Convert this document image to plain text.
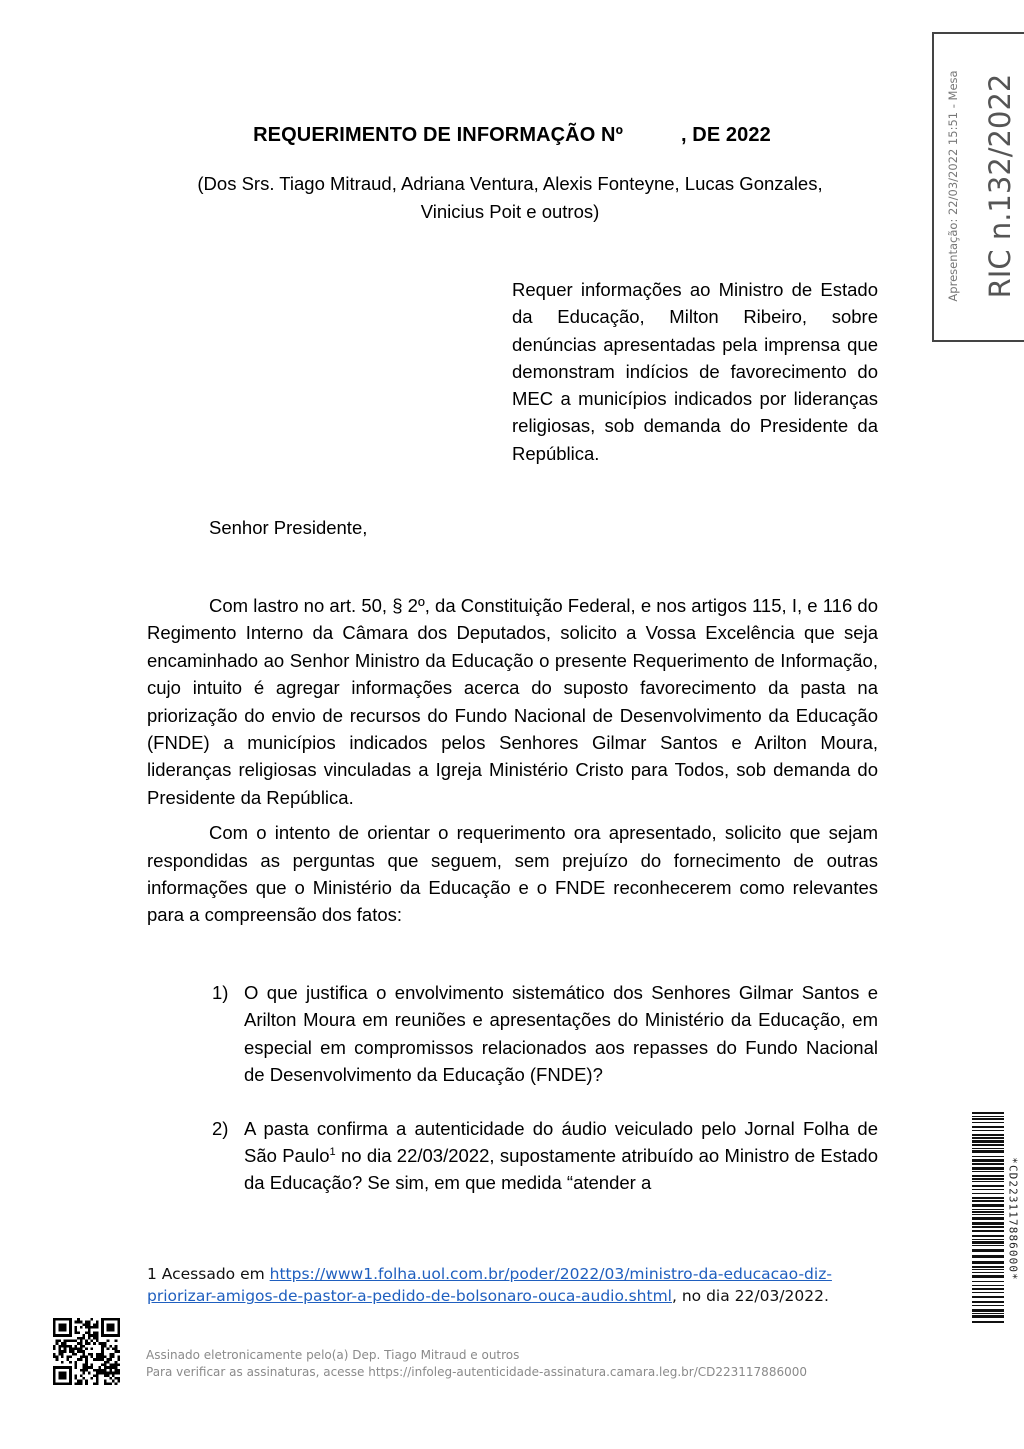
REQUERIMENTO DE INFORMAÇÃO Nº	, DE 2022
(Dos Srs. Tiago Mitraud, Adriana Ventura, Alexis Fonteyne, Lucas Gonzales,
Vinicius Poit e outros)
Requer informações ao Ministro de Estado da Educação, Milton Ribeiro, sobre denúncias apresentadas pela imprensa que demonstram indícios de favorecimento do MEC a municípios indicados por lideranças religiosas, sob demanda do Presidente da República.
Senhor Presidente,

Com lastro no art. 50, § 2º, da Constituição Federal, e nos artigos 115, I, e 116 do Regimento Interno da Câmara dos Deputados, solicito a Vossa Excelência que seja encaminhado ao Senhor Ministro da Educação o presente Requerimento de Informação, cujo intuito é agregar informações acerca do suposto favorecimento da pasta na priorização do envio de recursos do Fundo Nacional de Desenvolvimento da Educação (FNDE) a municípios indicados pelos Senhores Gilmar Santos e Arilton Moura, lideranças religiosas vinculadas a Igreja Ministério Cristo para Todos, sob demanda do Presidente da República.

Com o intento de orientar o requerimento ora apresentado, solicito que sejam respondidas as perguntas que seguem, sem prejuízo do fornecimento de outras informações que o Ministério da Educação e o FNDE reconhecerem como relevantes para a compreensão dos fatos:

1) O que justifica o envolvimento sistemático dos Senhores Gilmar Santos e Arilton Moura em reuniões e apresentações do Ministério da Educação, em especial em compromissos relacionados aos repasses do Fundo Nacional de Desenvolvimento da Educação (FNDE)?
2) A pasta confirma a autenticidade do áudio veiculado pelo Jornal Folha de São Paulo$^1$ no dia 22/03/2022, supostamente atribuído ao Ministro de Estado da Educação? Se sim, em que medida “atender a
RIC n.132/2022
Apresentação: 22/03/2022 15:51 - Mesa
*CD223117886000*
1 Acessado em https://www1.folha.uol.com.br/poder/2022/03/ministro-da-educacao-diz-priorizar-amigos-de-pastor-a-pedido-de-bolsonaro-ouca-audio.shtml, no dia 22/03/2022.
Assinado eletronicamente pelo(a) Dep. Tiago Mitraud e outros
Para verificar as assinaturas, acesse https://infoleg-autenticidade-assinatura.camara.leg.br/CD223117886000
